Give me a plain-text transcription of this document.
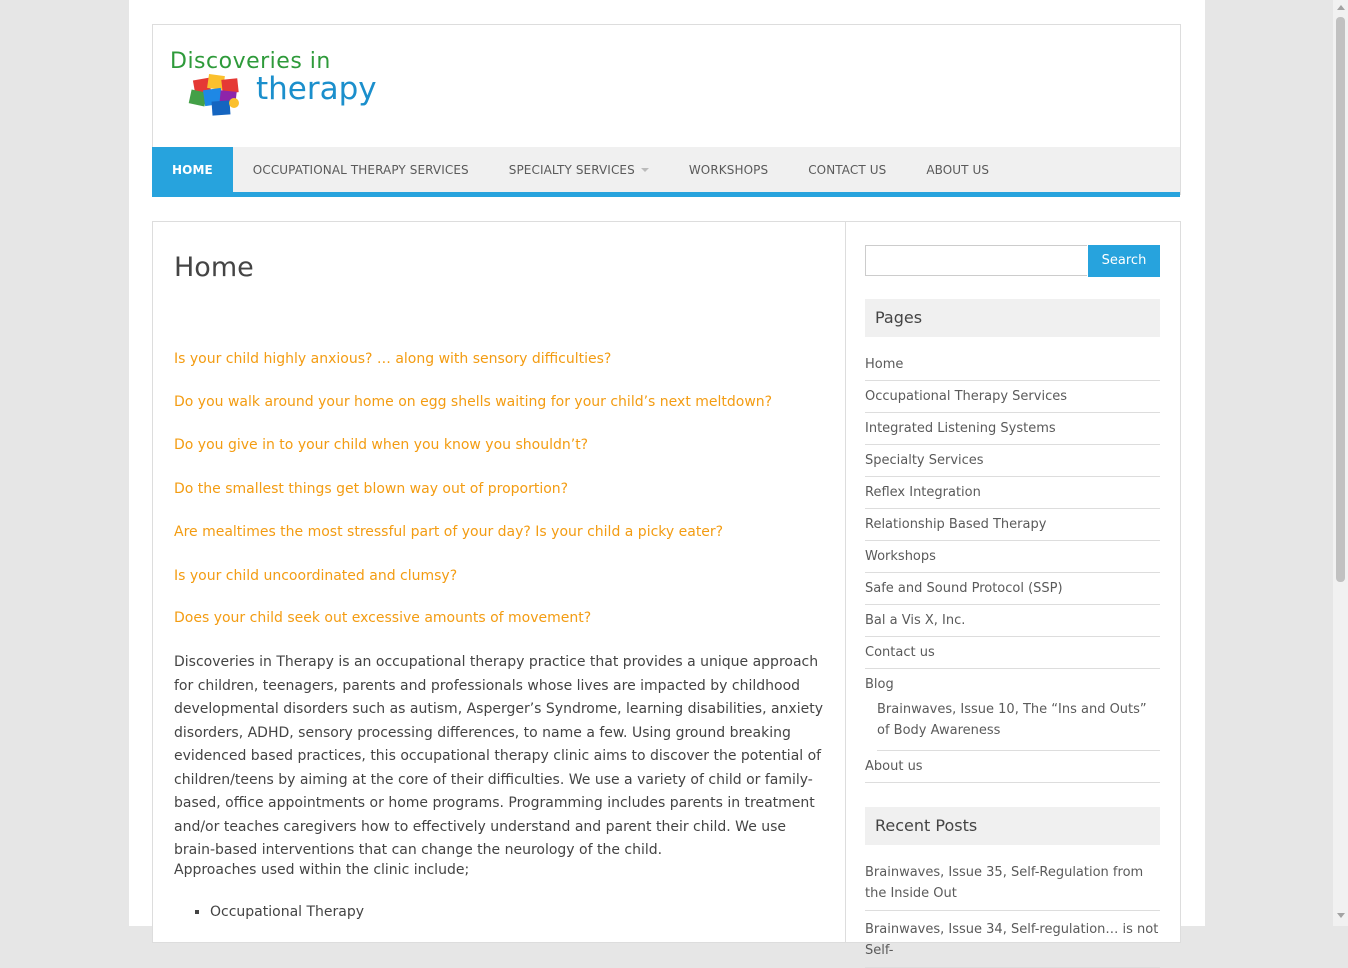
Discoveries in
therapy
HOME	OCCUPATIONAL THERAPY SERVICES	SPECIALTY SERVICES	WORKSHOPS	CONTACT US	ABOUT US
Home

Is your child highly anxious? … along with sensory difficulties?

Do you walk around your home on egg shells waiting for your child’s next meltdown?

Do you give in to your child when you know you shouldn’t?

Do the smallest things get blown way out of proportion?

Are mealtimes the most stressful part of your day? Is your child a picky eater?

Is your child uncoordinated and clumsy?

Does your child seek out excessive amounts of movement?

Discoveries in Therapy is an occupational therapy practice that provides a unique approach for children, teenagers, parents and professionals whose lives are impacted by childhood developmental disorders such as autism, Asperger’s Syndrome, learning disabilities, anxiety disorders, ADHD, sensory processing differences, to name a few. Using ground breaking evidenced based practices, this occupational therapy clinic aims to discover the potential of children/teens by aiming at the core of their difficulties. We use a variety of child or family-based, office appointments or home programs. Programming includes parents in treatment and/or teaches caregivers how to effectively understand and parent their child. We use brain-based interventions that can change the neurology of the child.

Approaches used within the clinic include;

▪ Occupational Therapy
Search
Pages
Home
Occupational Therapy Services
Integrated Listening Systems
Specialty Services
Reflex Integration
Relationship Based Therapy
Workshops
Safe and Sound Protocol (SSP)
Bal a Vis X, Inc.
Contact us
Blog
Brainwaves, Issue 10, The “Ins and Outs” of Body Awareness
About us
Recent Posts
Brainwaves, Issue 35, Self-Regulation from the Inside Out
Brainwaves, Issue 34, Self-regulation… is not Self-
